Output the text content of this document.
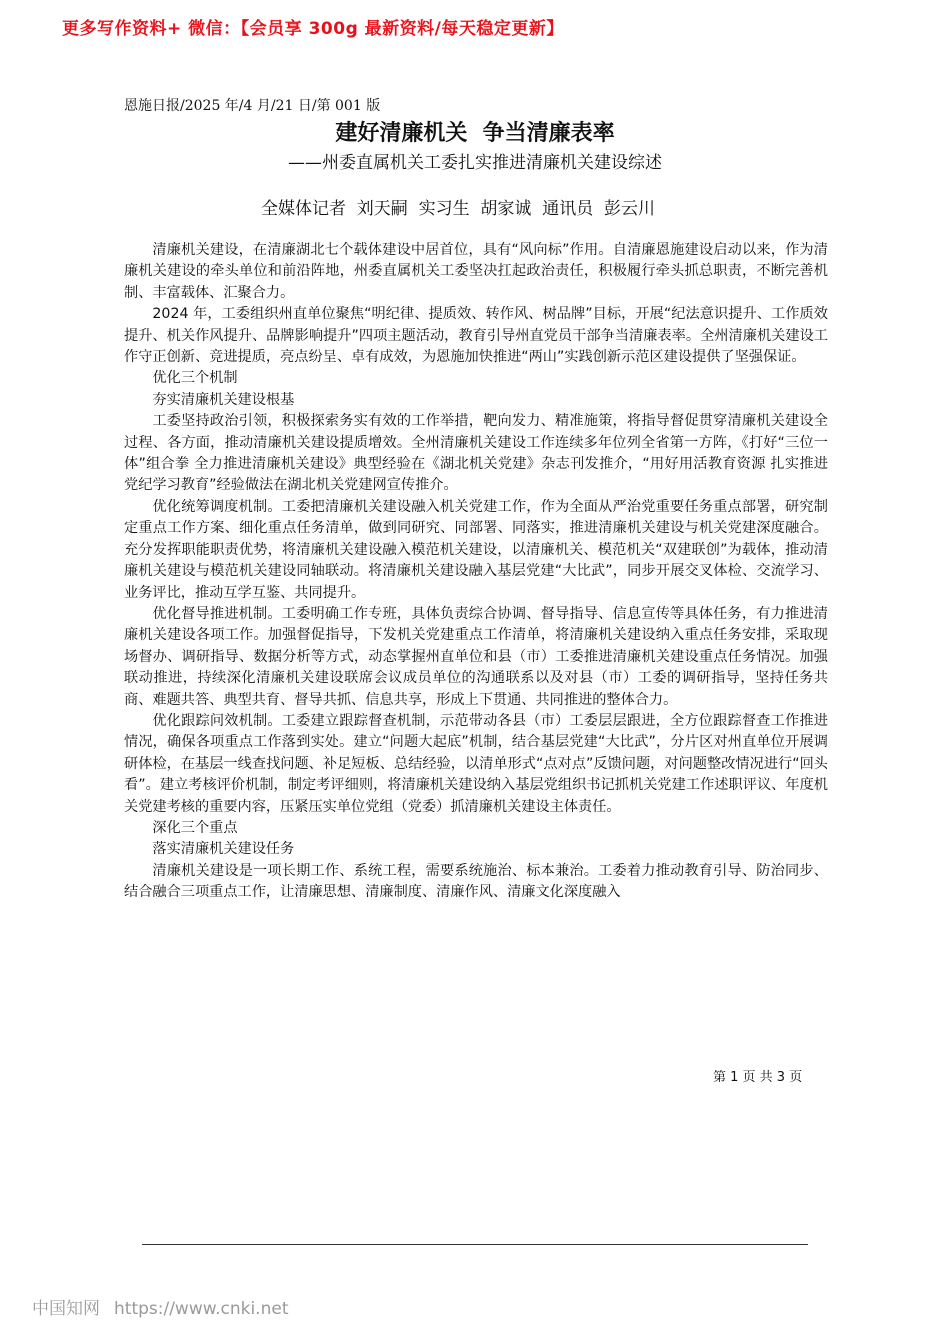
更多写作资料+ 微信：【会员享 300g 最新资料/每天稳定更新】
恩施日报/2025 年/4 月/21 日/第 001 版
建好清廉机关  争当清廉表率
——州委直属机关工委扎实推进清廉机关建设综述
全媒体记者  刘天嗣  实习生  胡家诚  通讯员  彭云川

清廉机关建设，在清廉湖北七个载体建设中居首位，具有“风向标”作用。自清廉恩施建设启动以来，作为清廉机关建设的牵头单位和前沿阵地，州委直属机关工委坚决扛起政治责任，积极履行牵头抓总职责，不断完善机制、丰富载体、汇聚合力。

2024 年，工委组织州直单位聚焦“明纪律、提质效、转作风、树品牌”目标，开展“纪法意识提升、工作质效提升、机关作风提升、品牌影响提升”四项主题活动，教育引导州直党员干部争当清廉表率。全州清廉机关建设工作守正创新、竞进提质，亮点纷呈、卓有成效，为恩施加快推进“两山”实践创新示范区建设提供了坚强保证。

优化三个机制

夯实清廉机关建设根基

工委坚持政治引领，积极探索务实有效的工作举措，靶向发力、精准施策，将指导督促贯穿清廉机关建设全过程、各方面，推动清廉机关建设提质增效。全州清廉机关建设工作连续多年位列全省第一方阵，《打好“三位一体”组合拳 全力推进清廉机关建设》典型经验在《湖北机关党建》杂志刊发推介，“用好用活教育资源 扎实推进党纪学习教育”经验做法在湖北机关党建网宣传推介。

优化统筹调度机制。工委把清廉机关建设融入机关党建工作，作为全面从严治党重要任务重点部署，研究制定重点工作方案、细化重点任务清单，做到同研究、同部署、同落实，推进清廉机关建设与机关党建深度融合。充分发挥职能职责优势，将清廉机关建设融入模范机关建设，以清廉机关、模范机关“双建联创”为载体，推动清廉机关建设与模范机关建设同轴联动。将清廉机关建设融入基层党建“大比武”，同步开展交叉体检、交流学习、业务评比，推动互学互鉴、共同提升。

优化督导推进机制。工委明确工作专班，具体负责综合协调、督导指导、信息宣传等具体任务，有力推进清廉机关建设各项工作。加强督促指导，下发机关党建重点工作清单，将清廉机关建设纳入重点任务安排，采取现场督办、调研指导、数据分析等方式，动态掌握州直单位和县（市）工委推进清廉机关建设重点任务情况。加强联动推进，持续深化清廉机关建设联席会议成员单位的沟通联系以及对县（市）工委的调研指导，坚持任务共商、难题共答、典型共育、督导共抓、信息共享，形成上下贯通、共同推进的整体合力。

优化跟踪问效机制。工委建立跟踪督查机制，示范带动各县（市）工委层层跟进，全方位跟踪督查工作推进情况，确保各项重点工作落到实处。建立“问题大起底”机制，结合基层党建“大比武”，分片区对州直单位开展调研体检，在基层一线查找问题、补足短板、总结经验，以清单形式“点对点”反馈问题，对问题整改情况进行“回头看”。建立考核评价机制，制定考评细则，将清廉机关建设纳入基层党组织书记抓机关党建工作述职评议、年度机关党建考核的重要内容，压紧压实单位党组（党委）抓清廉机关建设主体责任。

深化三个重点

落实清廉机关建设任务

清廉机关建设是一项长期工作、系统工程，需要系统施治、标本兼治。工委着力推动教育引导、防治同步、结合融合三项重点工作，让清廉思想、清廉制度、清廉作风、清廉文化深度融入

第 1 页 共 3 页
中国知网 https://www.cnki.net
